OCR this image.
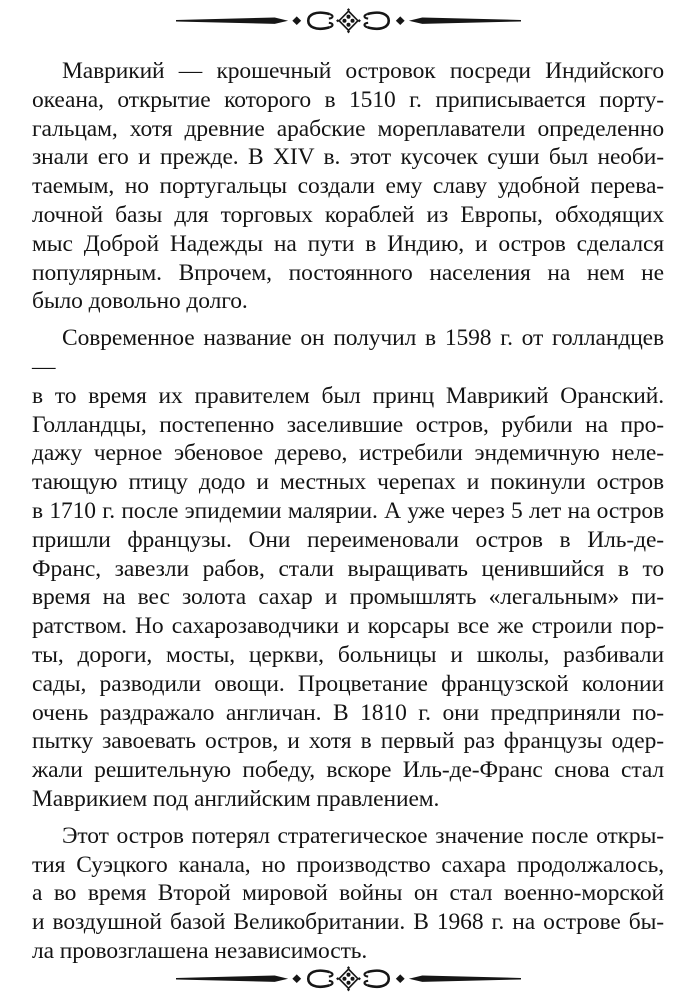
Маврикий — крошечный островок посреди Индийского
океана, открытие которого в 1510 г. приписывается порту-
гальцам, хотя древние арабские мореплаватели определенно
знали его и прежде. В XIV в. этот кусочек суши был необи-
таемым, но португальцы создали ему славу удобной перева-
лочной базы для торговых кораблей из Европы, обходящих
мыс Доброй Надежды на пути в Индию, и остров сделался
популярным. Впрочем, постоянного населения на нем не
было довольно долго.

Современное название он получил в 1598 г. от голландцев —
в то время их правителем был принц Маврикий Оранский.
Голландцы, постепенно заселившие остров, рубили на про-
дажу черное эбеновое дерево, истребили эндемичную неле-
тающую птицу додо и местных черепах и покинули остров
в 1710 г. после эпидемии малярии. А уже через 5 лет на остров
пришли французы. Они переименовали остров в Иль-де-
Франс, завезли рабов, стали выращивать ценившийся в то
время на вес золота сахар и промышлять «легальным» пи-
ратством. Но сахарозаводчики и корсары все же строили пор-
ты, дороги, мосты, церкви, больницы и школы, разбивали
сады, разводили овощи. Процветание французской колонии
очень раздражало англичан. В 1810 г. они предприняли по-
пытку завоевать остров, и хотя в первый раз французы одер-
жали решительную победу, вскоре Иль-де-Франс снова стал
Маврикием под английским правлением.

Этот остров потерял стратегическое значение после откры-
тия Суэцкого канала, но производство сахара продолжалось,
а во время Второй мировой войны он стал военно-морской
и воздушной базой Великобритании. В 1968 г. на острове бы-
ла провозглашена независимость.
